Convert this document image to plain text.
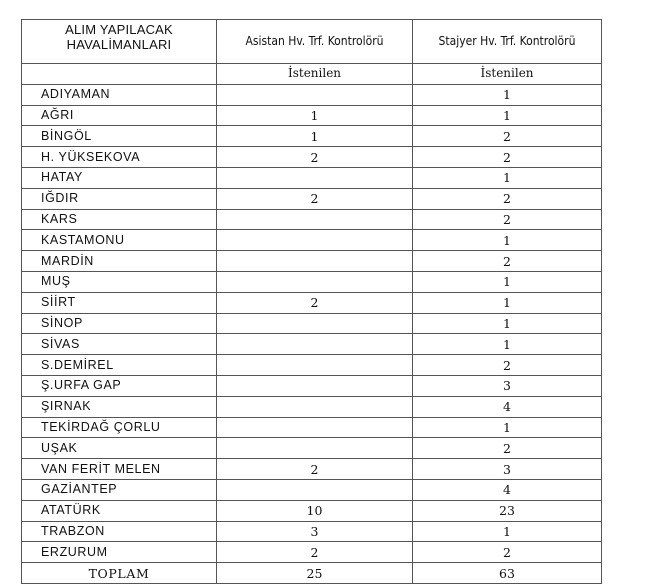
ALIM YAPILACAK
HAVALİMANLARI	Asistan Hv. Trf. Kontrolörü	Stajyer Hv. Trf. Kontrolörü
	İstenilen	İstenilen
ADIYAMAN		1
AĞRI	1	1
BİNGÖL	1	2
H. YÜKSEKOVA	2	2
HATAY		1
IĞDIR	2	2
KARS		2
KASTAMONU		1
MARDİN		2
MUŞ		1
SİİRT	2	1
SİNOP		1
SİVAS		1
S.DEMİREL		2
Ş.URFA GAP		3
ŞIRNAK		4
TEKİRDAĞ ÇORLU		1
UŞAK		2
VAN FERİT MELEN	2	3
GAZİANTEP		4
ATATÜRK	10	23
TRABZON	3	1
ERZURUM	2	2
TOPLAM	25	63
